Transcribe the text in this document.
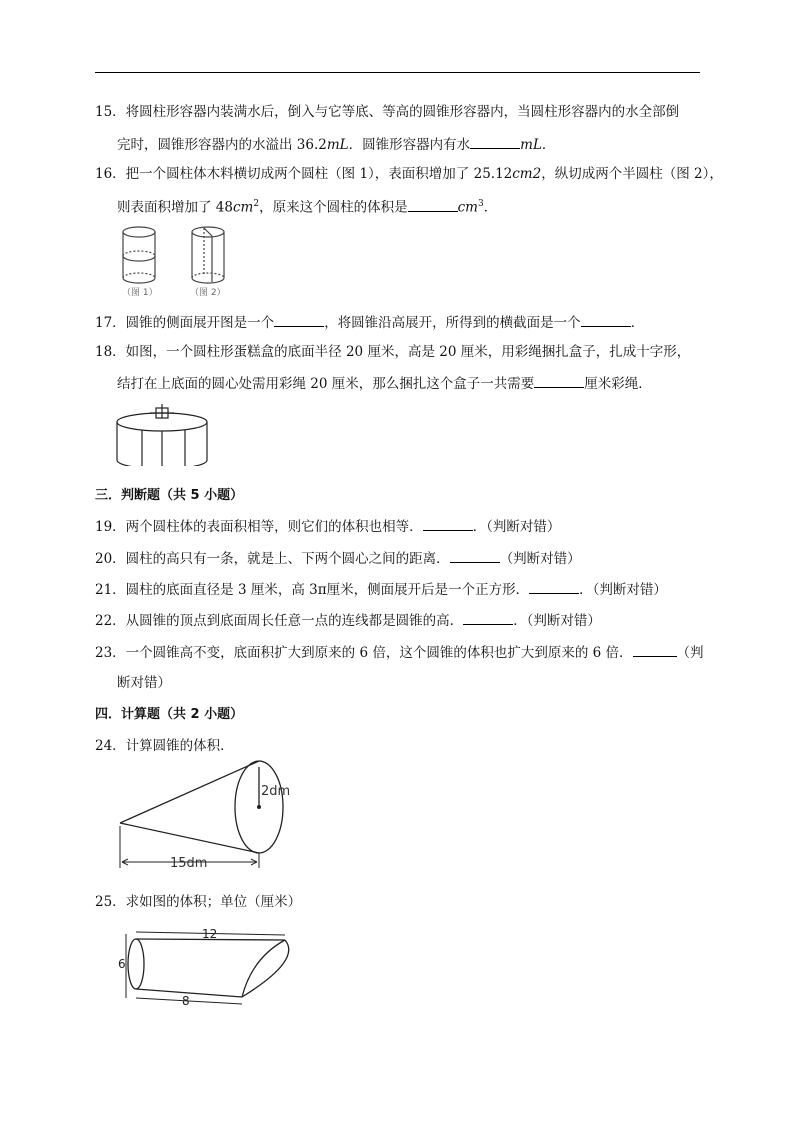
15．将圆柱形容器内装满水后，倒入与它等底、等高的圆锥形容器内，当圆柱形容器内的水全部倒
完时，圆锥形容器内的水溢出 36.2mL．圆锥形容器内有水	mL．
16．把一个圆柱体木料横切成两个圆柱（图 1），表面积增加了 25.12cm2，纵切成两个半圆柱（图 2），
则表面积增加了 $48cm^2$，原来这个圆柱的体积是	$cm^3$．
（图 1）	（图 2）
17．圆锥的侧面展开图是一个	，将圆锥沿高展开，所得到的横截面是一个	．
18．如图，一个圆柱形蛋糕盒的底面半径 20 厘米，高是 20 厘米，用彩绳捆扎盒子，扎成十字形，
结打在上底面的圆心处需用彩绳 20 厘米，那么捆扎这个盒子一共需要	厘米彩绳．
三．判断题（共 5 小题）
19．两个圆柱体的表面积相等，则它们的体积也相等．	．（判断对错）
20．圆柱的高只有一条，就是上、下两个圆心之间的距离．	（判断对错）
21．圆柱的底面直径是 3 厘米，高 3π厘米，侧面展开后是一个正方形．	．（判断对错）
22．从圆锥的顶点到底面周长任意一点的连线都是圆锥的高．	．（判断对错）
23．一个圆锥高不变，底面积扩大到原来的 6 倍，这个圆锥的体积也扩大到原来的 6 倍．	（判
断对错）
四．计算题（共 2 小题）
24．计算圆锥的体积．
2dm
15dm
25．求如图的体积；单位（厘米）
12
6
8
